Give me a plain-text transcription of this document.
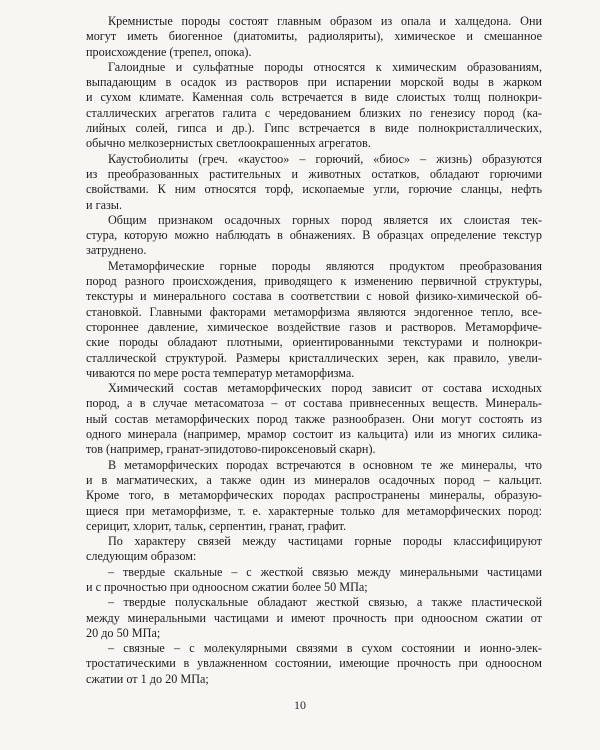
Кремнистые породы состоят главным образом из опала и халцедона. Они
могут иметь биогенное (диатомиты, радиоляриты), химическое и смешанное
происхождение (трепел, опока).
Галоидные и сульфатные породы относятся к химическим образованиям,
выпадающим в осадок из растворов при испарении морской воды в жарком
и сухом климате. Каменная соль встречается в виде слоистых толщ полнокри-
сталлических агрегатов галита с чередованием близких по генезису пород (ка-
лийных солей, гипса и др.). Гипс встречается в виде полнокристаллических,
обычно мелкозернистых светлоокрашенных агрегатов.
Каустобиолиты (греч. «каустоо» – горючий, «биос» – жизнь) образуются
из преобразованных растительных и животных остатков, обладают горючими
свойствами. К ним относятся торф, ископаемые угли, горючие сланцы, нефть
и газы.
Общим признаком осадочных горных пород является их слоистая тек-
стура, которую можно наблюдать в обнажениях. В образцах определение текстур
затруднено.
Метаморфические горные породы являются продуктом преобразования
пород разного происхождения, приводящего к изменению первичной структуры,
текстуры и минерального состава в соответствии с новой физико-химической об-
становкой. Главными факторами метаморфизма являются эндогенное тепло, все-
стороннее давление, химическое воздействие газов и растворов. Метаморфиче-
ские породы обладают плотными, ориентированными текстурами и полнокри-
сталлической структурой. Размеры кристаллических зерен, как правило, увели-
чиваются по мере роста температур метаморфизма.
Химический состав метаморфических пород зависит от состава исходных
пород, а в случае метасоматоза – от состава привнесенных веществ. Минераль-
ный состав метаморфических пород также разнообразен. Они могут состоять из
одного минерала (например, мрамор состоит из кальцита) или из многих силика-
тов (например, гранат-эпидотово-пироксеновый скарн).
В метаморфических породах встречаются в основном те же минералы, что
и в магматических, а также один из минералов осадочных пород – кальцит.
Кроме того, в метаморфических породах распространены минералы, образую-
щиеся при метаморфизме, т. е. характерные только для метаморфических пород:
серицит, хлорит, тальк, серпентин, гранат, графит.
По характеру связей между частицами горные породы классифицируют
следующим образом:
– твердые скальные – с жесткой связью между минеральными частицами
и с прочностью при одноосном сжатии более 50 МПа;
– твердые полускальные обладают жесткой связью, а также пластической
между минеральными частицами и имеют прочность при одноосном сжатии от
20 до 50 МПа;
– связные – с молекулярными связями в сухом состоянии и ионно-элек-
тростатическими в увлажненном состоянии, имеющие прочность при одноосном
сжатии от 1 до 20 МПа;
10
